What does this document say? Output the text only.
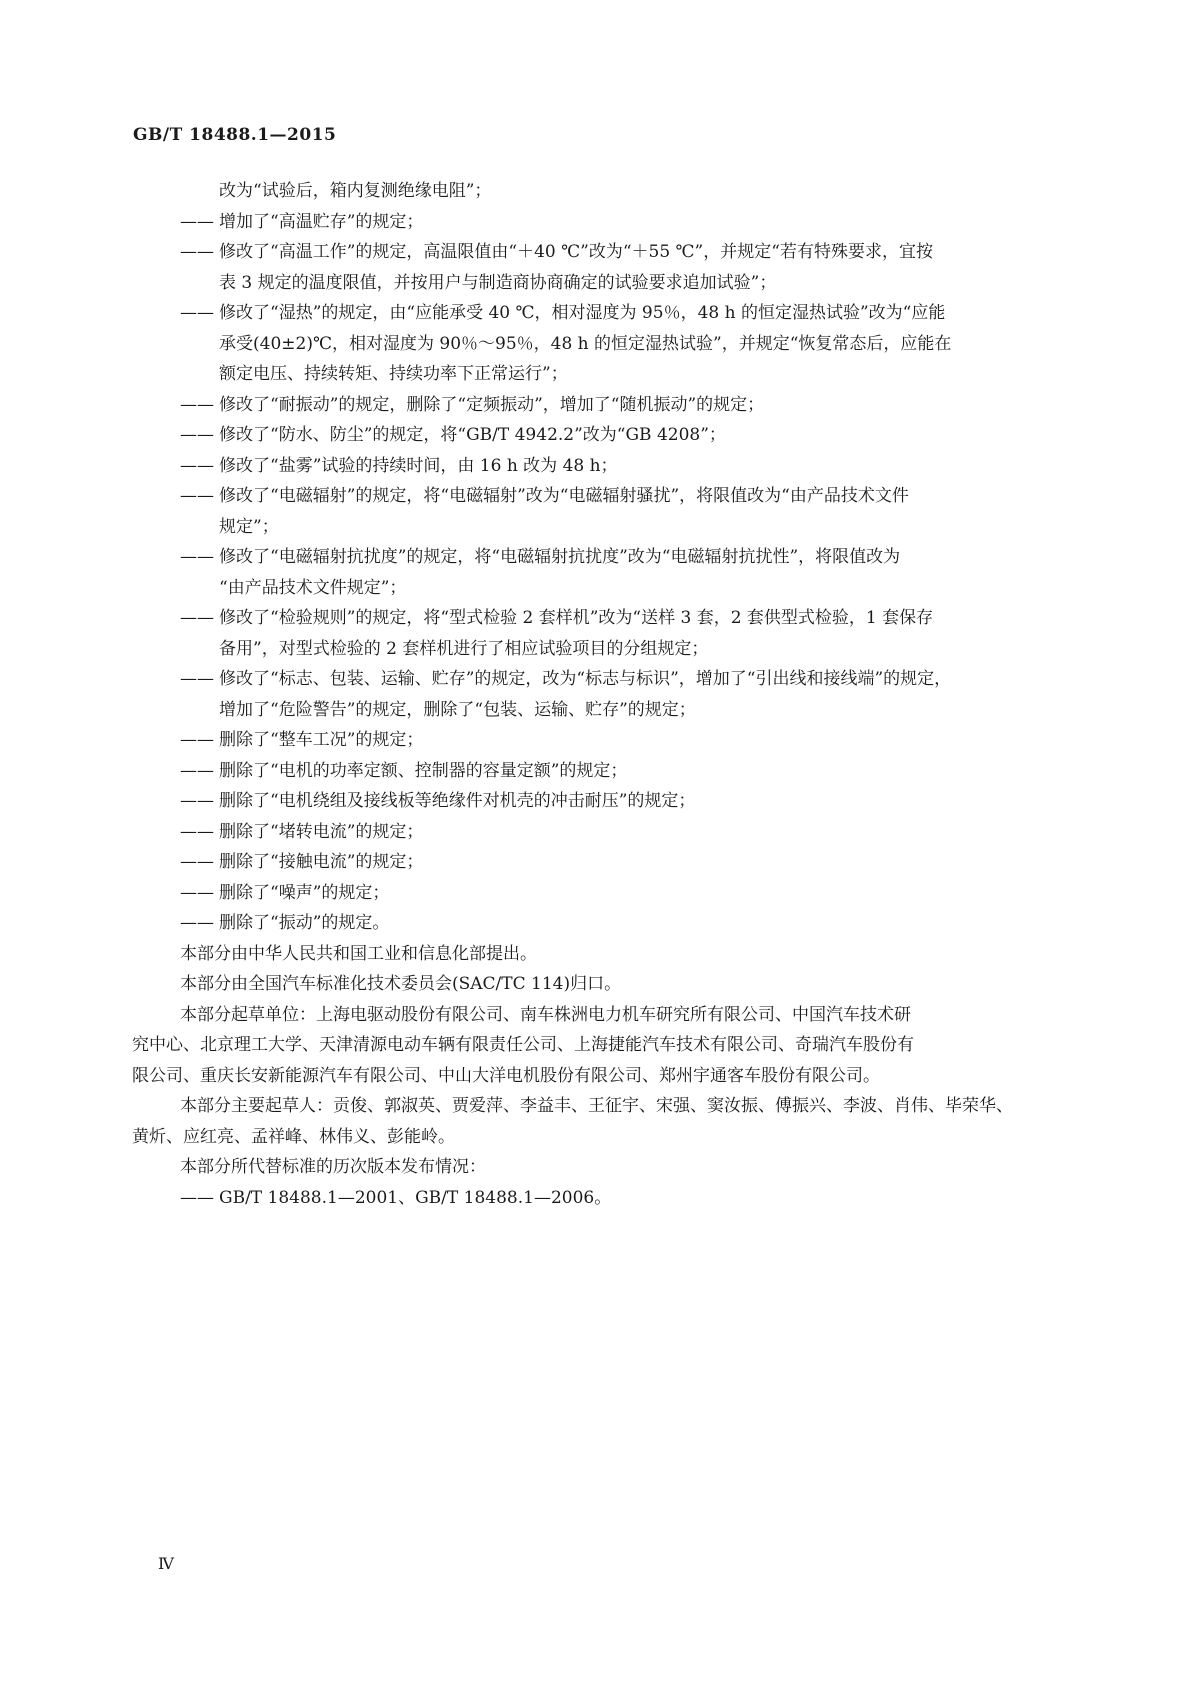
GB/T 18488.1—2015
改为“试验后，箱内复测绝缘电阻”；
—— 增加了“高温贮存”的规定；
—— 修改了“高温工作”的规定，高温限值由“＋40 ℃”改为“＋55 ℃”，并规定“若有特殊要求，宜按
表 3 规定的温度限值，并按用户与制造商协商确定的试验要求追加试验”；
—— 修改了“湿热”的规定，由“应能承受 40 ℃，相对湿度为 95％，48 h 的恒定湿热试验”改为“应能
承受(40±2)℃，相对湿度为 90％～95％，48 h 的恒定湿热试验”，并规定“恢复常态后，应能在
额定电压、持续转矩、持续功率下正常运行”；
—— 修改了“耐振动”的规定，删除了“定频振动”，增加了“随机振动”的规定；
—— 修改了“防水、防尘”的规定，将“GB/T 4942.2”改为“GB 4208”；
—— 修改了“盐雾”试验的持续时间，由 16 h 改为 48 h；
—— 修改了“电磁辐射”的规定，将“电磁辐射”改为“电磁辐射骚扰”，将限值改为“由产品技术文件
规定”；
—— 修改了“电磁辐射抗扰度”的规定，将“电磁辐射抗扰度”改为“电磁辐射抗扰性”，将限值改为
“由产品技术文件规定”；
—— 修改了“检验规则”的规定，将“型式检验 2 套样机”改为“送样 3 套，2 套供型式检验，1 套保存
备用”，对型式检验的 2 套样机进行了相应试验项目的分组规定；
—— 修改了“标志、包装、运输、贮存”的规定，改为“标志与标识”，增加了“引出线和接线端”的规定，
增加了“危险警告”的规定，删除了“包装、运输、贮存”的规定；
—— 删除了“整车工况”的规定；
—— 删除了“电机的功率定额、控制器的容量定额”的规定；
—— 删除了“电机绕组及接线板等绝缘件对机壳的冲击耐压”的规定；
—— 删除了“堵转电流”的规定；
—— 删除了“接触电流”的规定；
—— 删除了“噪声”的规定；
—— 删除了“振动”的规定。
本部分由中华人民共和国工业和信息化部提出。
本部分由全国汽车标准化技术委员会(SAC/TC 114)归口。
本部分起草单位：上海电驱动股份有限公司、南车株洲电力机车研究所有限公司、中国汽车技术研
究中心、北京理工大学、天津清源电动车辆有限责任公司、上海捷能汽车技术有限公司、奇瑞汽车股份有
限公司、重庆长安新能源汽车有限公司、中山大洋电机股份有限公司、郑州宇通客车股份有限公司。
本部分主要起草人：贡俊、郭淑英、贾爱萍、李益丰、王征宇、宋强、窦汝振、傅振兴、李波、肖伟、毕荣华、
黄炘、应红亮、孟祥峰、林伟义、彭能岭。
本部分所代替标准的历次版本发布情况：
—— GB/T 18488.1—2001、GB/T 18488.1—2006。
Ⅳ
